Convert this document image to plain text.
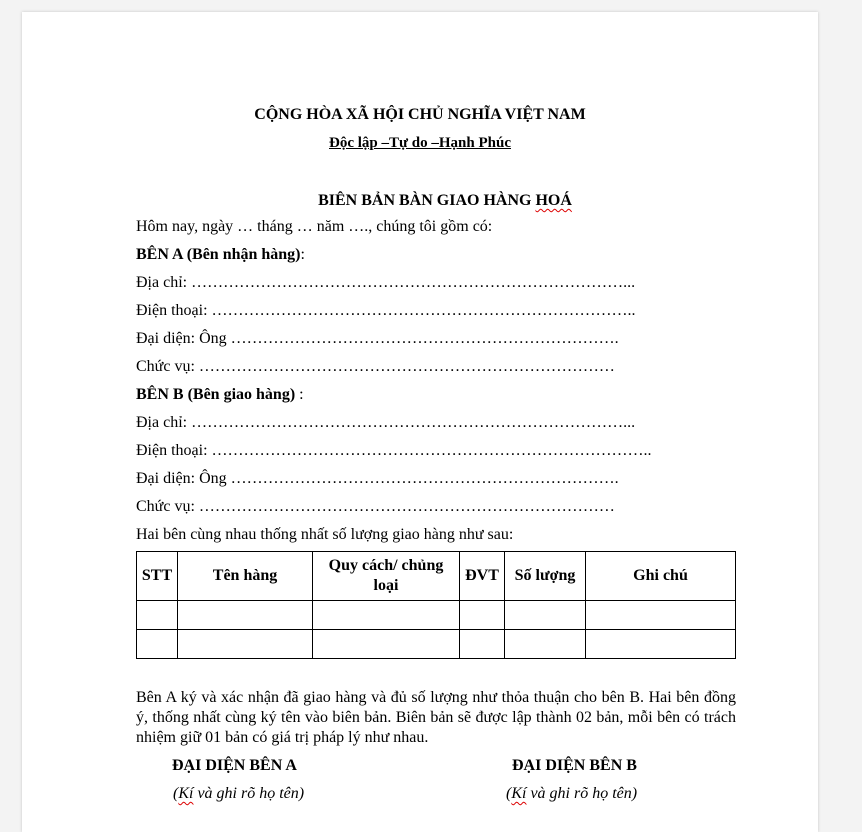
CỘNG HÒA XÃ HỘI CHỦ NGHĨA VIỆT NAM
Độc lập –Tự do –Hạnh Phúc
BIÊN BẢN BÀN GIAO HÀNG HOÁ
Hôm nay, ngày … tháng … năm …., chúng tôi gồm có:
BÊN A (Bên nhận hàng):
Địa chỉ: ………………………………………………………………………...
Điện thoại: ……………………………………………………………………..
Đại diện: Ông ……………………………………………………………….
Chức vụ: ……………………………………………………………………
BÊN B (Bên giao hàng) :
Địa chỉ: ………………………………………………………………………...
Điện thoại: ………………………………………………………………………..
Đại diện: Ông ……………………………………………………………….
Chức vụ: ……………………………………………………………………
Hai bên cùng nhau thống nhất số lượng giao hàng như sau:
STT	Tên hàng	Quy cách/ chủng loại	ĐVT	Số lượng	Ghi chú

Bên A ký và xác nhận đã giao hàng và đủ số lượng như thỏa thuận cho bên B. Hai bên đồng ý, thống nhất cùng ký tên vào biên bản. Biên bản sẽ được lập thành 02 bản, mỗi bên có trách nhiệm giữ 01 bản có giá trị pháp lý như nhau.
ĐẠI DIỆN BÊN A	ĐẠI DIỆN BÊN B
(Kí và ghi rõ họ tên)	(Kí và ghi rõ họ tên)
